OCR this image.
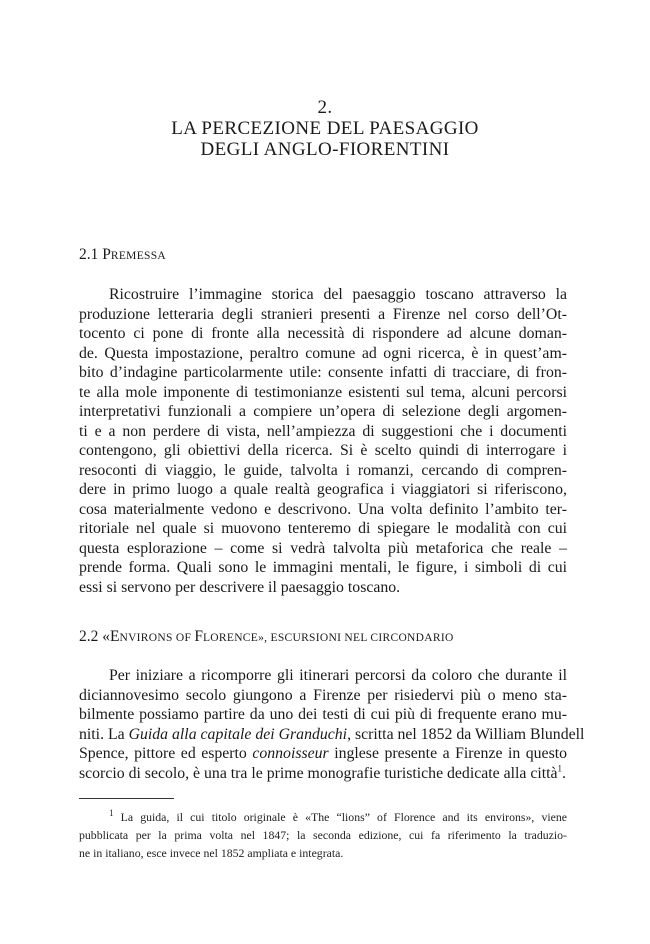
2.
LA PERCEZIONE DEL PAESAGGIO
DEGLI ANGLO-FIORENTINI
2.1 PREMESSA
Ricostruire l’immagine storica del paesaggio toscano attraverso la
produzione letteraria degli stranieri presenti a Firenze nel corso dell’Ot-
tocento ci pone di fronte alla necessità di rispondere ad alcune doman-
de. Questa impostazione, peraltro comune ad ogni ricerca, è in quest’am-
bito d’indagine particolarmente utile: consente infatti di tracciare, di fron-
te alla mole imponente di testimonianze esistenti sul tema, alcuni percorsi
interpretativi funzionali a compiere un’opera di selezione degli argomen-
ti e a non perdere di vista, nell’ampiezza di suggestioni che i documenti
contengono, gli obiettivi della ricerca. Si è scelto quindi di interrogare i
resoconti di viaggio, le guide, talvolta i romanzi, cercando di compren-
dere in primo luogo a quale realtà geografica i viaggiatori si riferiscono,
cosa materialmente vedono e descrivono. Una volta definito l’ambito ter-
ritoriale nel quale si muovono tenteremo di spiegare le modalità con cui
questa esplorazione – come si vedrà talvolta più metaforica che reale –
prende forma. Quali sono le immagini mentali, le figure, i simboli di cui
essi si servono per descrivere il paesaggio toscano.
2.2 «ENVIRONS OF FLORENCE», ESCURSIONI NEL CIRCONDARIO
Per iniziare a ricomporre gli itinerari percorsi da coloro che durante il
diciannovesimo secolo giungono a Firenze per risiedervi più o meno sta-
bilmente possiamo partire da uno dei testi di cui più di frequente erano mu-
niti. La Guida alla capitale dei Granduchi, scritta nel 1852 da William Blundell
Spence, pittore ed esperto connoisseur inglese presente a Firenze in questo
scorcio di secolo, è una tra le prime monografie turistiche dedicate alla città$^1$.
$^1$ La guida, il cui titolo originale è «The “lions” of Florence and its environs», viene
pubblicata per la prima volta nel 1847; la seconda edizione, cui fa riferimento la traduzio-
ne in italiano, esce invece nel 1852 ampliata e integrata.
